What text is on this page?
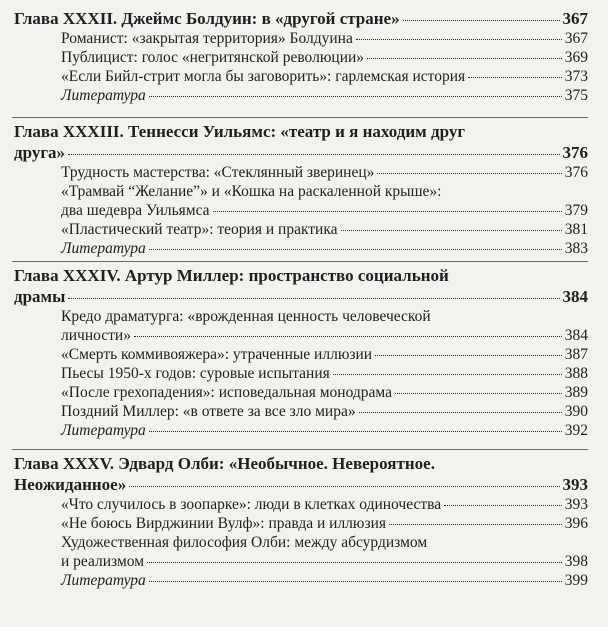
Глава XXXII. Джеймс Болдуин: в «другой стране»	367
Романист: «закрытая территория» Болдуина	367
Публицист: голос «негритянской революции»	369
«Если Бийл-стрит могла бы заговорить»: гарлемская история	373
Литература	375
Глава XXXIII. Теннесси Уильямс: «театр и я находим друг
друга»	376
Трудность мастерства: «Стеклянный зверинец»	376
«Трамвай “Желание”» и «Кошка на раскаленной крыше»:
два шедевра Уильямса	379
«Пластический театр»: теория и практика	381
Литература	383
Глава XXXIV. Артур Миллер: пространство социальной
драмы	384
Кредо драматурга: «врожденная ценность человеческой
личности»	384
«Смерть коммивояжера»: утраченные иллюзии	387
Пьесы 1950-х годов: суровые испытания	388
«После грехопадения»: исповедальная монодрама	389
Поздний Миллер: «в ответе за все зло мира»	390
Литература	392
Глава XXXV. Эдвард Олби: «Необычное. Невероятное.
Неожиданное»	393
«Что случилось в зоопарке»: люди в клетках одиночества	393
«Не боюсь Вирджинии Вулф»: правда и иллюзия	396
Художественная философия Олби: между абсурдизмом
и реализмом	398
Литература	399
